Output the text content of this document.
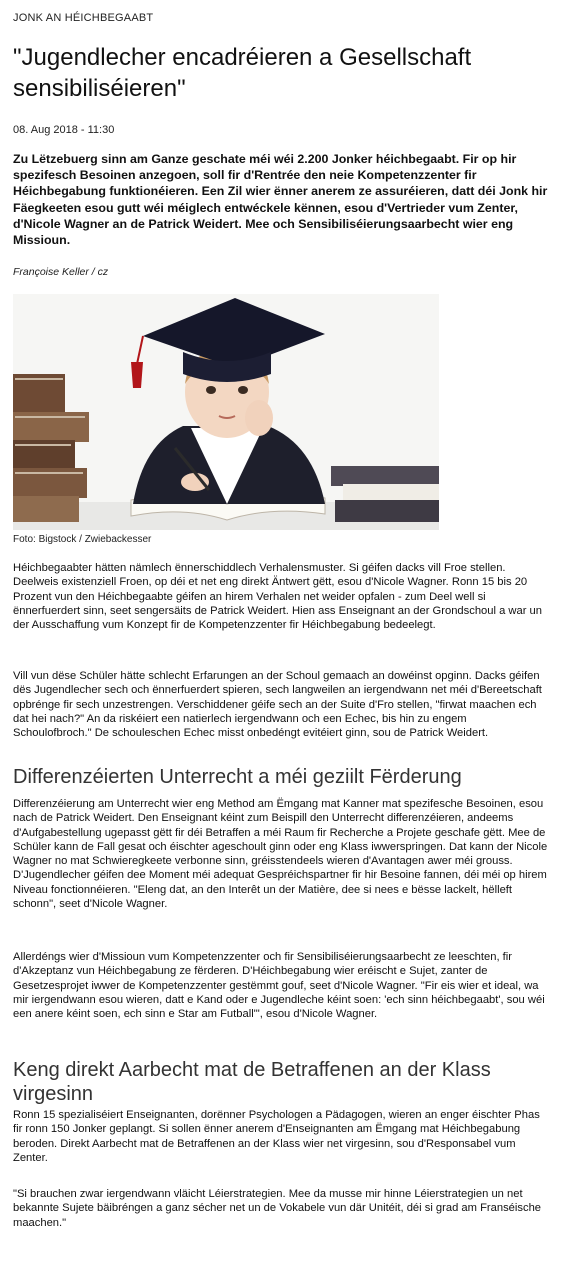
JONK AN HÉICHBEGAABT
"Jugendlecher encadréieren a Gesellschaft sensibiliséieren"
08. Aug 2018 - 11:30

Zu Lëtzebuerg sinn am Ganze geschate méi wéi 2.200 Jonker héichbegaabt. Fir op hir spezifesch Besoinen anzegoen, soll fir d'Rentrée den neie Kompetenzzenter fir Héichbegabung funktionéieren. Een Zil wier ënner anerem ze assuréieren, datt déi Jonk hir Fäegkeeten esou gutt wéi méiglech entwéckele kënnen, esou d'Vertrieder vum Zenter, d'Nicole Wagner an de Patrick Weidert. Mee och Sensibiliséierungsaarbecht wier eng Missioun.

Françoise Keller / cz
Foto: Bigstock / Zwiebackesser

Héichbegaabter hätten nämlech ënnerschiddlech Verhalensmuster. Si géifen dacks vill Froe stellen. Deelweis existenziell Froen, op déi et net eng direkt Äntwert gëtt, esou d'Nicole Wagner. Ronn 15 bis 20 Prozent vun den Héichbegaabte géifen an hirem Verhalen net weider opfalen - zum Deel well si ënnerfuerdert sinn, seet sengersäits de Patrick Weidert. Hien ass Enseignant an der Grondschoul a war un der Ausschaffung vum Konzept fir de Kompetenzzenter fir Héichbegabung bedeelegt.

Vill vun dëse Schüler hätte schlecht Erfarungen an der Schoul gemaach an dowéinst opginn. Dacks géifen dës Jugendlecher sech och ënnerfuerdert spieren, sech langweilen an iergendwann net méi d'Bereetschaft opbrénge fir sech unzestrengen. Verschiddener géife sech an der Suite d'Fro stellen, "firwat maachen ech dat hei nach?" An da riskéiert een natierlech iergendwann och een Echec, bis hin zu engem Schoulofbroch." De schouleschen Echec misst onbedéngt evitéiert ginn, sou de Patrick Weidert.

Differenzéierten Unterrecht a méi geziilt Fërderung

Differenzéierung am Unterrecht wier eng Method am Ëmgang mat Kanner mat spezifesche Besoinen, esou nach de Patrick Weidert. Den Enseignant kéint zum Beispill den Unterrecht differenzéieren, andeems d'Aufgabestellung ugepasst gëtt fir déi Betraffen a méi Raum fir Recherche a Projete geschafe gëtt. Mee de Schüler kann de Fall gesat och éischter ageschoult ginn oder eng Klass iwwerspringen. Dat kann der Nicole Wagner no mat Schwieregkeete verbonne sinn, gréisstendeels wieren d'Avantagen awer méi grouss. D'Jugendlecher géifen dee Moment méi adequat Gespréichspartner fir hir Besoine fannen, déi méi op hirem Niveau fonctionnéieren. "Eleng dat, an den Interêt un der Matière, dee si nees e bësse lackelt, hëlleft schonn", seet d'Nicole Wagner.

Allerdéngs wier d'Missioun vum Kompetenzzenter och fir Sensibiliséierungsaarbecht ze leeschten, fir d'Akzeptanz vun Héichbegabung ze fërderen. D'Héichbegabung wier eréischt e Sujet, zanter de Gesetzesprojet iwwer de Kompetenzzenter gestëmmt gouf, seet d'Nicole Wagner. "Fir eis wier et ideal, wa mir iergendwann esou wieren, datt e Kand oder e Jugendleche kéint soen: 'ech sinn héichbegaabt', sou wéi een anere kéint soen, ech sinn e Star am Futball'", esou d'Nicole Wagner.

Keng direkt Aarbecht mat de Betraffenen an der Klass virgesinn

Ronn 15 spezialiséiert Enseignanten, dorënner Psychologen a Pädagogen, wieren an enger éischter Phas fir ronn 150 Jonker geplangt. Si sollen ënner anerem d'Enseignanten am Ëmgang mat Héichbegabung beroden. Direkt Aarbecht mat de Betraffenen an der Klass wier net virgesinn, sou d'Responsabel vum Zenter.

"Si brauchen zwar iergendwann vläicht Léierstrategien. Mee da musse mir hinne Léierstrategien un net bekannte Sujete bäibréngen a ganz sécher net un de Vokabele vun där Unitéit, déi si grad am Franséische maachen."
